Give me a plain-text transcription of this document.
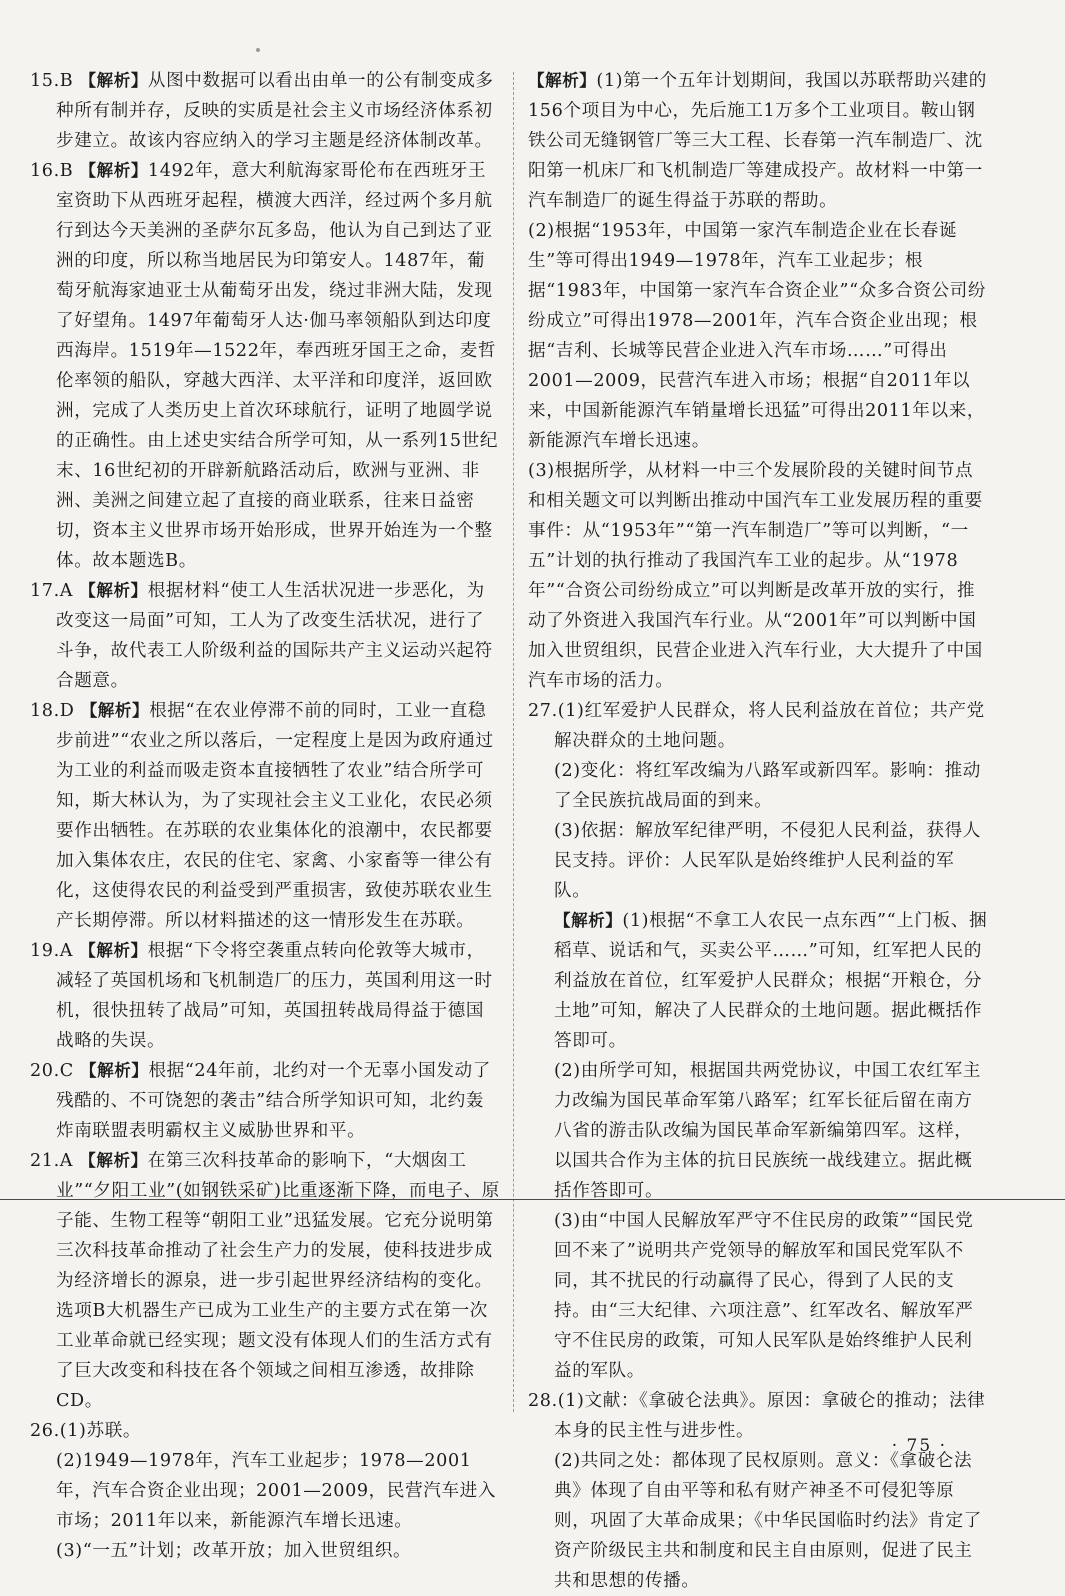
15.B 【解析】从图中数据可以看出由单一的公有制变成多种所有制并存，反映的实质是社会主义市场经济体系初步建立。故该内容应纳入的学习主题是经济体制改革。

16.B 【解析】1492年，意大利航海家哥伦布在西班牙王室资助下从西班牙起程，横渡大西洋，经过两个多月航行到达今天美洲的圣萨尔瓦多岛，他认为自己到达了亚洲的印度，所以称当地居民为印第安人。1487年，葡萄牙航海家迪亚士从葡萄牙出发，绕过非洲大陆，发现了好望角。1497年葡萄牙人达·伽马率领船队到达印度西海岸。1519年—1522年，奉西班牙国王之命，麦哲伦率领的船队，穿越大西洋、太平洋和印度洋，返回欧洲，完成了人类历史上首次环球航行，证明了地圆学说的正确性。由上述史实结合所学可知，从一系列15世纪末、16世纪初的开辟新航路活动后，欧洲与亚洲、非洲、美洲之间建立起了直接的商业联系，往来日益密切，资本主义世界市场开始形成，世界开始连为一个整体。故本题选B。

17.A 【解析】根据材料“使工人生活状况进一步恶化，为改变这一局面”可知，工人为了改变生活状况，进行了斗争，故代表工人阶级利益的国际共产主义运动兴起符合题意。

18.D 【解析】根据“在农业停滞不前的同时，工业一直稳步前进”“农业之所以落后，一定程度上是因为政府通过为工业的利益而吸走资本直接牺牲了农业”结合所学可知，斯大林认为，为了实现社会主义工业化，农民必须要作出牺牲。在苏联的农业集体化的浪潮中，农民都要加入集体农庄，农民的住宅、家禽、小家畜等一律公有化，这使得农民的利益受到严重损害，致使苏联农业生产长期停滞。所以材料描述的这一情形发生在苏联。

19.A 【解析】根据“下令将空袭重点转向伦敦等大城市，减轻了英国机场和飞机制造厂的压力，英国利用这一时机，很快扭转了战局”可知，英国扭转战局得益于德国战略的失误。

20.C 【解析】根据“24年前，北约对一个无辜小国发动了残酷的、不可饶恕的袭击”结合所学知识可知，北约轰炸南联盟表明霸权主义威胁世界和平。

21.A 【解析】在第三次科技革命的影响下，“大烟囱工业”“夕阳工业”(如钢铁采矿)比重逐渐下降，而电子、原子能、生物工程等“朝阳工业”迅猛发展。它充分说明第三次科技革命推动了社会生产力的发展，使科技进步成为经济增长的源泉，进一步引起世界经济结构的变化。选项B大机器生产已成为工业生产的主要方式在第一次工业革命就已经实现；题文没有体现人们的生活方式有了巨大改变和科技在各个领域之间相互渗透，故排除CD。

26.(1)苏联。

(2)1949—1978年，汽车工业起步；1978—2001年，汽车合资企业出现；2001—2009，民营汽车进入市场；2011年以来，新能源汽车增长迅速。

(3)“一五”计划；改革开放；加入世贸组织。

【解析】(1)第一个五年计划期间，我国以苏联帮助兴建的156个项目为中心，先后施工1万多个工业项目。鞍山钢铁公司无缝钢管厂等三大工程、长春第一汽车制造厂、沈阳第一机床厂和飞机制造厂等建成投产。故材料一中第一汽车制造厂的诞生得益于苏联的帮助。

(2)根据“1953年，中国第一家汽车制造企业在长春诞生”等可得出1949—1978年，汽车工业起步；根据“1983年，中国第一家汽车合资企业”“众多合资公司纷纷成立”可得出1978—2001年，汽车合资企业出现；根据“吉利、长城等民营企业进入汽车市场……”可得出2001—2009，民营汽车进入市场；根据“自2011年以来，中国新能源汽车销量增长迅猛”可得出2011年以来，新能源汽车增长迅速。

(3)根据所学，从材料一中三个发展阶段的关键时间节点和相关题文可以判断出推动中国汽车工业发展历程的重要事件：从“1953年”“第一汽车制造厂”等可以判断，“一五”计划的执行推动了我国汽车工业的起步。从“1978年”“合资公司纷纷成立”可以判断是改革开放的实行，推动了外资进入我国汽车行业。从“2001年”可以判断中国加入世贸组织，民营企业进入汽车行业，大大提升了中国汽车市场的活力。

27.(1)红军爱护人民群众，将人民利益放在首位；共产党解决群众的土地问题。

(2)变化：将红军改编为八路军或新四军。影响：推动了全民族抗战局面的到来。

(3)依据：解放军纪律严明，不侵犯人民利益，获得人民支持。评价：人民军队是始终维护人民利益的军队。

【解析】(1)根据“不拿工人农民一点东西”“上门板、捆稻草、说话和气，买卖公平……”可知，红军把人民的利益放在首位，红军爱护人民群众；根据“开粮仓，分土地”可知，解决了人民群众的土地问题。据此概括作答即可。

(2)由所学可知，根据国共两党协议，中国工农红军主力改编为国民革命军第八路军；红军长征后留在南方八省的游击队改编为国民革命军新编第四军。这样，以国共合作为主体的抗日民族统一战线建立。据此概括作答即可。

(3)由“中国人民解放军严守不住民房的政策”“国民党回不来了”说明共产党领导的解放军和国民党军队不同，其不扰民的行动赢得了民心，得到了人民的支持。由“三大纪律、六项注意”、红军改名、解放军严守不住民房的政策，可知人民军队是始终维护人民利益的军队。

28.(1)文献：《拿破仑法典》。原因：拿破仑的推动；法律本身的民主性与进步性。

(2)共同之处：都体现了民权原则。意义：《拿破仑法典》体现了自由平等和私有财产神圣不可侵犯等原则，巩固了大革命成果；《中华民国临时约法》肯定了资产阶级民主共和制度和民主自由原则，促进了民主共和思想的传播。

· 75 ·
